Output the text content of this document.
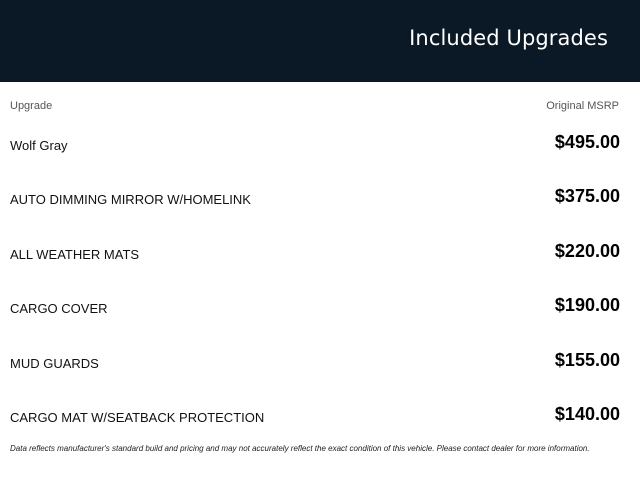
Included Upgrades
Upgrade	Original MSRP
Wolf Gray	$495.00
AUTO DIMMING MIRROR W/HOMELINK	$375.00
ALL WEATHER MATS	$220.00
CARGO COVER	$190.00
MUD GUARDS	$155.00
CARGO MAT W/SEATBACK PROTECTION	$140.00
Data reflects manufacturer's standard build and pricing and may not accurately reflect the exact condition of this vehicle. Please contact dealer for more information.
